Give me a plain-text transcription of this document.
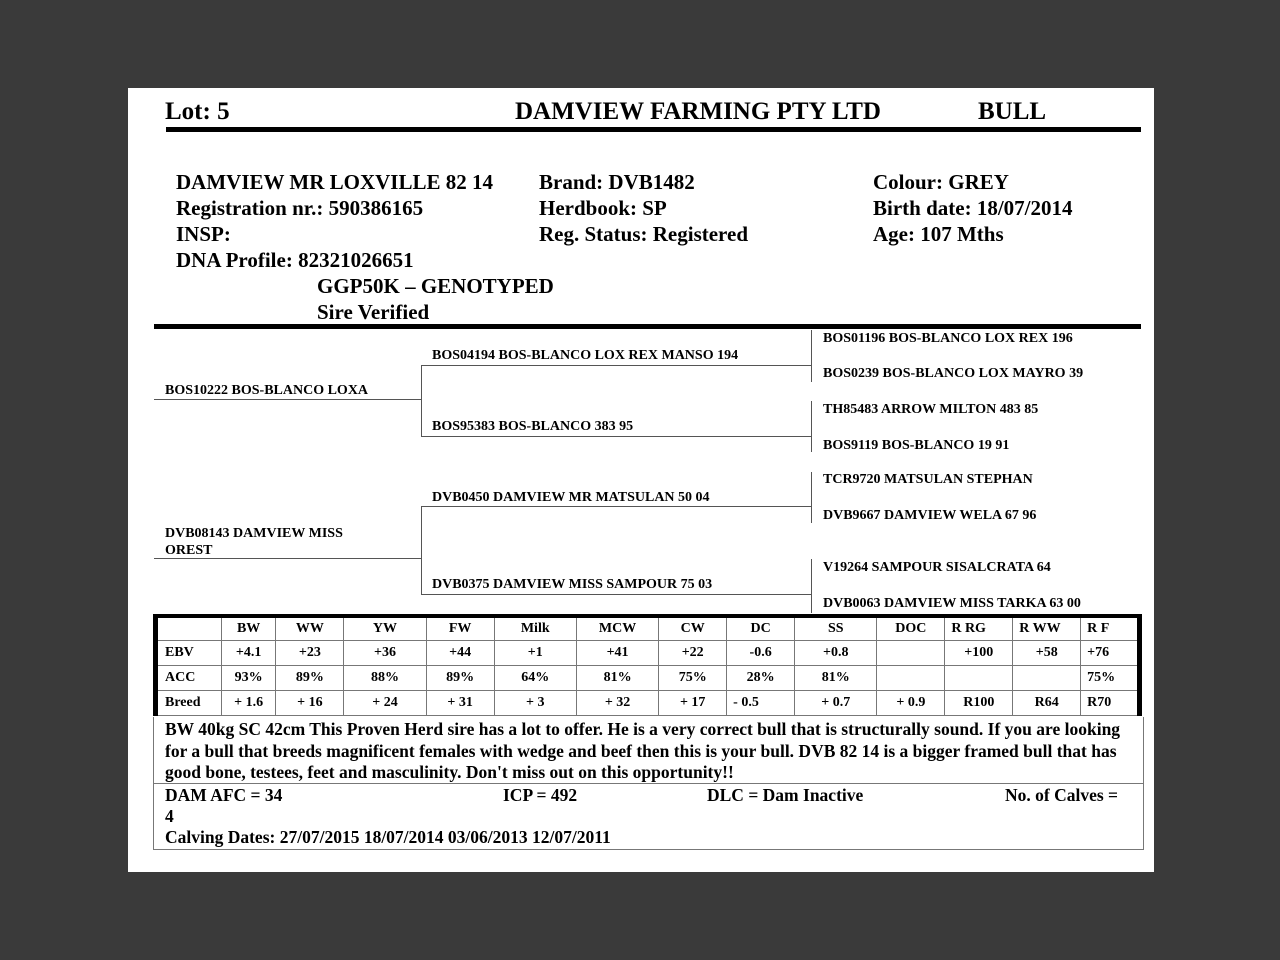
Lot: 5	DAMVIEW FARMING PTY LTD	BULL
DAMVIEW MR LOXVILLE 82 14
Registration nr.: 590386165
INSP:
DNA Profile: 82321026651
GGP50K – GENOTYPED
Sire Verified
Brand: DVB1482
Herdbook: SP
Reg. Status: Registered
Colour: GREY
Birth date: 18/07/2014
Age: 107 Mths
BOS10222 BOS-BLANCO LOXA
DVB08143 DAMVIEW MISS OREST
BOS04194 BOS-BLANCO LOX REX MANSO 194
BOS95383 BOS-BLANCO 383 95
DVB0450 DAMVIEW MR MATSULAN 50 04
DVB0375 DAMVIEW MISS SAMPOUR 75 03
BOS01196 BOS-BLANCO LOX REX 196
BOS0239 BOS-BLANCO LOX MAYRO 39
TH85483 ARROW MILTON 483 85
BOS9119 BOS-BLANCO 19 91
TCR9720 MATSULAN STEPHAN
DVB9667 DAMVIEW WELA 67 96
V19264 SAMPOUR SISALCRATA 64
DVB0063 DAMVIEW MISS TARKA 63 00
	BW	WW	YW	FW	Milk	MCW	CW	DC	SS	DOC	R RG	R WW	R F
EBV	+4.1	+23	+36	+44	+1	+41	+22	-0.6	+0.8		+100	+58	+76
ACC	93%	89%	88%	89%	64%	81%	75%	28%	81%				75%
Breed	+ 1.6	+ 16	+ 24	+ 31	+ 3	+ 32	+ 17	- 0.5	+ 0.7	+ 0.9	R100	R64	R70
BW 40kg SC 42cm This Proven Herd sire has a lot to offer. He is a very correct bull that is structurally sound. If you are looking for a bull that breeds magnificent females with wedge and beef then this is your bull. DVB 82 14 is a bigger framed bull that has good bone, testees, feet and masculinity. Don't miss out on this opportunity!!
DAM AFC = 34	ICP = 492	DLC = Dam Inactive	No. of Calves =
4
Calving Dates: 27/07/2015 18/07/2014 03/06/2013 12/07/2011
